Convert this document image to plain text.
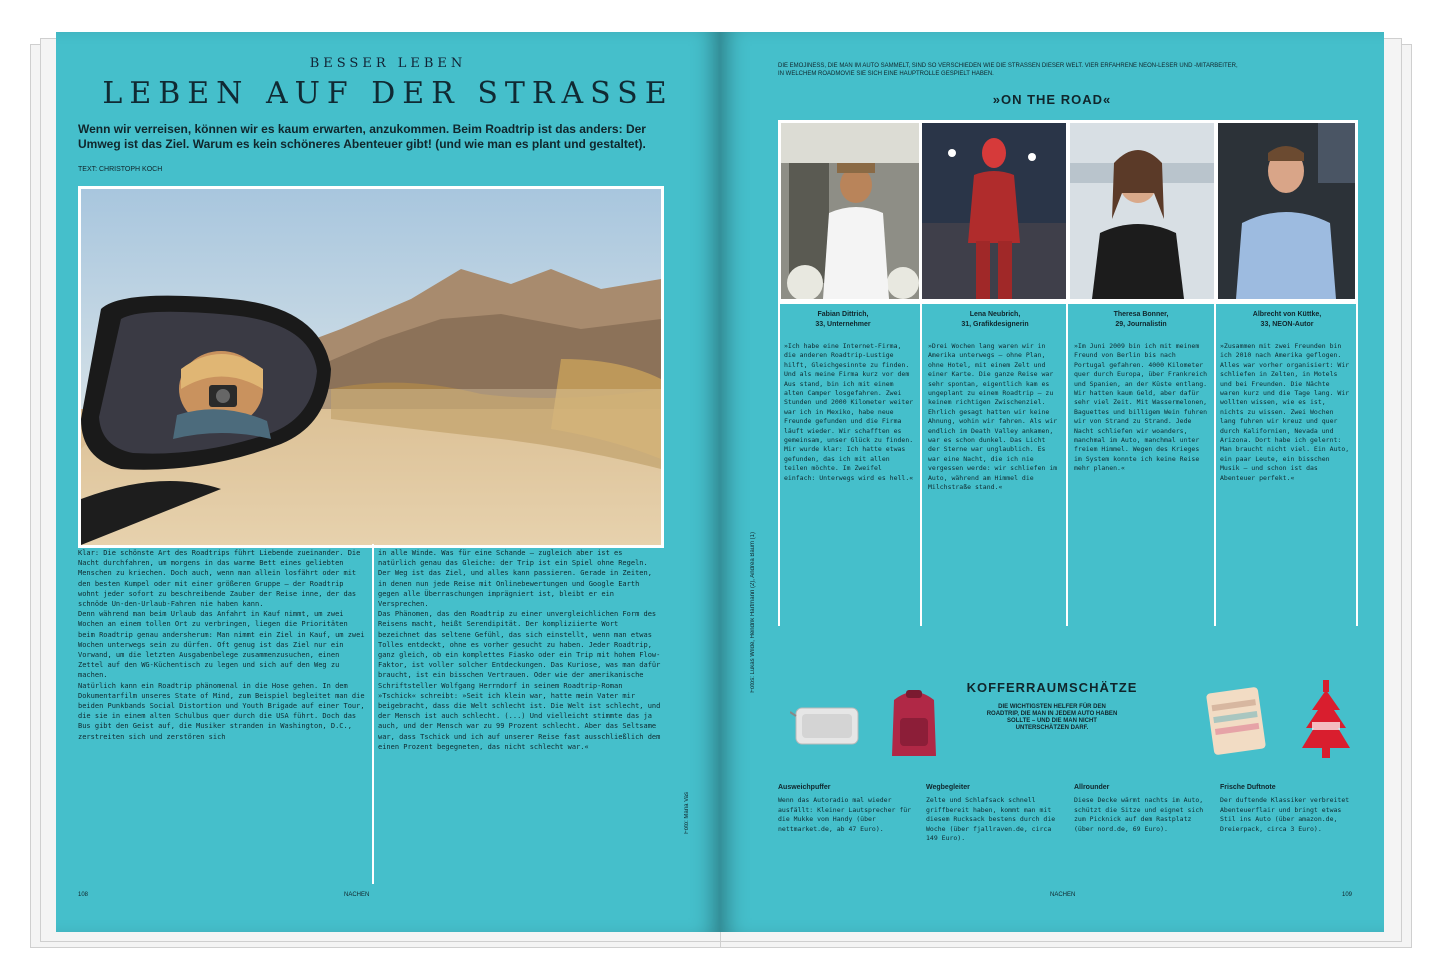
BESSER LEBEN
LEBEN AUF DER STRASSE
Wenn wir verreisen, können wir es kaum erwarten, anzukommen. Beim Roadtrip ist das anders: Der Umweg ist das Ziel. Warum es kein schöneres Abenteuer gibt! (und wie man es plant und gestaltet).
TEXT: CHRISTOPH KOCH

Klar: Die schönste Art des Roadtrips führt Liebende zueinander. Die Nacht durchfahren, um morgens in das warme Bett eines geliebten Menschen zu kriechen. Doch auch, wenn man allein losfährt oder mit den besten Kumpel oder mit einer größeren Gruppe – der Roadtrip wohnt jeder sofort zu beschreibende Zauber der Reise inne, der das schnöde Un-den-Urlaub-Fahren nie haben kann.

Denn während man beim Urlaub das Anfahrt in Kauf nimmt, um zwei Wochen an einem tollen Ort zu verbringen, liegen die Prioritäten beim Roadtrip genau andersherum: Man nimmt ein Ziel in Kauf, um zwei Wochen unterwegs sein zu dürfen. Oft genug ist das Ziel nur ein Vorwand, um die letzten Ausgabenbelege zusammenzusuchen, einen Zettel auf den WG-Küchentisch zu legen und sich auf den Weg zu machen.

Natürlich kann ein Roadtrip phänomenal in die Hose gehen. In dem Dokumentarfilm unseres State of Mind, zum Beispiel begleitet man die beiden Punkbands Social Distortion und Youth Brigade auf einer Tour, die sie in einem alten Schulbus quer durch die USA führt. Doch das Bus gibt den Geist auf, die Musiker stranden in Washington, D.C., zerstreiten sich und zerstören sich

in alle Winde. Was für eine Schande – zugleich aber ist es natürlich genau das Gleiche: der Trip ist ein Spiel ohne Regeln. Der Weg ist das Ziel, und alles kann passieren. Gerade in Zeiten, in denen nun jede Reise mit Onlinebewertungen und Google Earth gegen alle Überraschungen imprägniert ist, bleibt er ein Versprechen.

Das Phänomen, das den Roadtrip zu einer unvergleichlichen Form des Reisens macht, heißt Serendipität. Der kompliziierte Wort bezeichnet das seltene Gefühl, das sich einstellt, wenn man etwas Tolles entdeckt, ohne es vorher gesucht zu haben. Jeder Roadtrip, ganz gleich, ob ein komplettes Fiasko oder ein Trip mit hohem Flow-Faktor, ist voller solcher Entdeckungen. Das Kuriose, was man dafür braucht, ist ein bisschen Vertrauen. Oder wie der amerikanische Schriftsteller Wolfgang Herrndorf in seinem Roadtrip-Roman »Tschick« schreibt: »Seit ich klein war, hatte mein Vater mir beigebracht, dass die Welt schlecht ist. Die Welt ist schlecht, und der Mensch ist auch schlecht. (...) Und vielleicht stimmte das ja auch, und der Mensch war zu 99 Prozent schlecht. Aber das Seltsame war, dass Tschick und ich auf unserer Reise fast ausschließlich dem einen Prozent begegneten, das nicht schlecht war.«

Foto: Maria Vas
108	NACHEN
DIE EMOJINESS, DIE MAN IM AUTO SAMMELT, SIND SO VERSCHIEDEN WIE DIE STRASSEN DIESER WELT. VIER ERFAHRENE NEON-LESER UND -MITARBEITER, IN WELCHEM ROADMOVIE SIE SICH EINE HAUPTROLLE GESPIELT HABEN.
»ON THE ROAD«
Fotos: Lukas Wilde, Hendrik Hartmann (2), Andrea Baum (1)
Fabian Dittrich,
33, Unternehmer
Lena Neubrich,
31, Grafikdesignerin
Theresa Bonner,
29, Journalistin
Albrecht von Küttke,
33, NEON-Autor
»Ich habe eine Internet-Firma, die anderen Roadtrip-Lustige hilft, Gleichgesinnte zu finden. Und als meine Firma kurz vor dem Aus stand, bin ich mit einem alten Camper losgefahren. Zwei Stunden und 2000 Kilometer weiter war ich in Mexiko, habe neue Freunde gefunden und die Firma läuft wieder. Wir schafften es gemeinsam, unser Glück zu finden. Mir wurde klar: Ich hatte etwas gefunden, das ich mit allen teilen möchte. Im Zweifel einfach: Unterwegs wird es hell.«
»Drei Wochen lang waren wir in Amerika unterwegs – ohne Plan, ohne Hotel, mit einem Zelt und einer Karte. Die ganze Reise war sehr spontan, eigentlich kam es ungeplant zu einem Roadtrip – zu keinem richtigen Zwischenziel. Ehrlich gesagt hatten wir keine Ahnung, wohin wir fahren. Als wir endlich im Death Valley ankamen, war es schon dunkel. Das Licht der Sterne war unglaublich. Es war eine Nacht, die ich nie vergessen werde: wir schliefen im Auto, während am Himmel die Milchstraße stand.«
»Im Juni 2009 bin ich mit meinem Freund von Berlin bis nach Portugal gefahren. 4000 Kilometer quer durch Europa, über Frankreich und Spanien, an der Küste entlang. Wir hatten kaum Geld, aber dafür sehr viel Zeit. Mit Wassermelonen, Baguettes und billigem Wein fuhren wir von Strand zu Strand. Jede Nacht schliefen wir woanders, manchmal im Auto, manchmal unter freiem Himmel. Wegen des Krieges im System konnte ich keine Reise mehr planen.«
»Zusammen mit zwei Freunden bin ich 2010 nach Amerika geflogen. Alles war vorher organisiert: Wir schliefen in Zelten, in Motels und bei Freunden. Die Nächte waren kurz und die Tage lang. Wir wollten wissen, wie es ist, nichts zu wissen. Zwei Wochen lang fuhren wir kreuz und quer durch Kalifornien, Nevada und Arizona. Dort habe ich gelernt: Man braucht nicht viel. Ein Auto, ein paar Leute, ein bisschen Musik – und schon ist das Abenteuer perfekt.«
KOFFERRAUMSCHÄTZE
DIE WICHTIGSTEN HELFER FÜR DEN ROADTRIP, DIE MAN IN JEDEM AUTO HABEN SOLLTE – UND DIE MAN NICHT UNTERSCHÄTZEN DARF.
Ausweichpuffer
Wenn das Autoradio mal wieder ausfällt: Kleiner Lautsprecher für die Mukke vom Handy (über nettmarket.de, ab 47 Euro).
Wegbegleiter
Zelte und Schlafsack schnell griffbereit haben, kommt man mit diesem Rucksack bestens durch die Woche (über fjallraven.de, circa 149 Euro).
Allrounder
Diese Decke wärmt nachts im Auto, schützt die Sitze und eignet sich zum Picknick auf dem Rastplatz (über nord.de, 69 Euro).
Frische Duftnote
Der duftende Klassiker verbreitet Abenteuerflair und bringt etwas Stil ins Auto (über amazon.de, Dreierpack, circa 3 Euro).
NACHEN	109
